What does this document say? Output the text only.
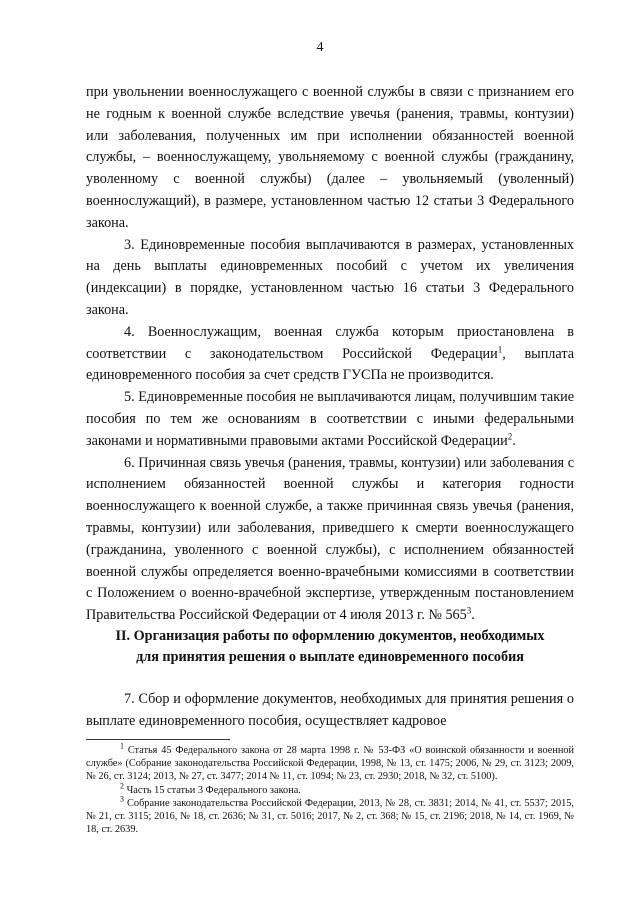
4

при увольнении военнослужащего с военной службы в связи с признанием его не годным к военной службе вследствие увечья (ранения, травмы, контузии) или заболевания, полученных им при исполнении обязанностей военной службы, – военнослужащему, увольняемому с военной службы (гражданину, уволенному с военной службы) (далее – увольняемый (уволенный) военнослужащий), в размере, установленном частью 12 статьи 3 Федерального закона.

3. Единовременные пособия выплачиваются в размерах, установленных на день выплаты единовременных пособий с учетом их увеличения (индексации) в порядке, установленном частью 16 статьи 3 Федерального закона.

4. Военнослужащим, военная служба которым приостановлена в соответствии с законодательством Российской Федерации$^1$, выплата единовременного пособия за счет средств ГУСПа не производится.

5. Единовременные пособия не выплачиваются лицам, получившим такие пособия по тем же основаниям в соответствии с иными федеральными законами и нормативными правовыми актами Российской Федерации$^2$.

6. Причинная связь увечья (ранения, травмы, контузии) или заболевания с исполнением обязанностей военной службы и категория годности военнослужащего к военной службе, а также причинная связь увечья (ранения, травмы, контузии) или заболевания, приведшего к смерти военнослужащего (гражданина, уволенного с военной службы), с исполнением обязанностей военной службы определяется военно-врачебными комиссиями в соответствии с Положением о военно-врачебной экспертизе, утвержденным постановлением Правительства Российской Федерации от 4 июля 2013 г. № $565^3$.

II. Организация работы по оформлению документов, необходимых
для принятия решения о выплате единовременного пособия

7. Сбор и оформление документов, необходимых для принятия решения о выплате единовременного пособия, осуществляет кадровое

$^1$ Статья 45 Федерального закона от 28 марта 1998 г. № 53-ФЗ «О воинской обязанности и военной службе» (Собрание законодательства Российской Федерации, 1998, № 13, ст. 1475; 2006, № 29, ст. 3123; 2009, № 26, ст. 3124; 2013, № 27, ст. 3477; 2014 № 11, ст. 1094; № 23, ст. 2930; 2018, № 32, ст. 5100).

$^2$ Часть 15 статьи 3 Федерального закона.

$^3$ Собрание законодательства Российской Федерации, 2013, № 28, ст. 3831; 2014, № 41, ст. 5537; 2015, № 21, ст. 3115; 2016, № 18, ст. 2636; № 31, ст. 5016; 2017, № 2, ст. 368; № 15, ст. 2196; 2018, № 14, ст. 1969, № 18, ст. 2639.
